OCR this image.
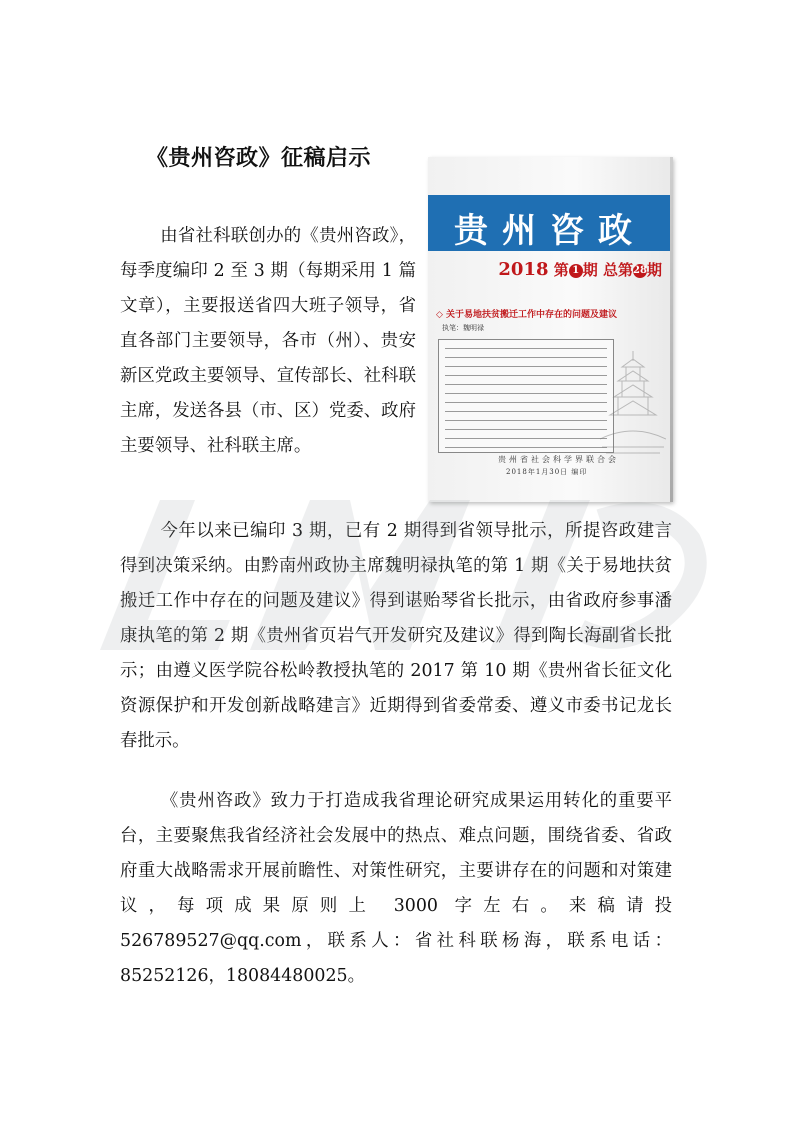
《贵州咨政》征稿启示

由省社科联创办的《贵州咨政》，每季度编印 2 至 3 期（每期采用 1 篇文章），主要报送省四大班子领导，省直各部门主要领导，各市（州）、贵安新区党政主要领导、宣传部长、社科联主席，发送各县（市、区）党委、政府主要领导、社科联主席。

贵州咨政
2018 第 1 期 总第28期
◇ 关于易地扶贫搬迁工作中存在的问题及建议
执笔：魏明禄
贵州省社会科学界联合会
2018年1月30日 编印

今年以来已编印 3 期，已有 2 期得到省领导批示，所提咨政建言得到决策采纳。由黔南州政协主席魏明禄执笔的第 1 期《关于易地扶贫搬迁工作中存在的问题及建议》得到谌贻琴省长批示，由省政府参事潘康执笔的第 2 期《贵州省页岩气开发研究及建议》得到陶长海副省长批示；由遵义医学院谷松岭教授执笔的 2017 第 10 期《贵州省长征文化资源保护和开发创新战略建言》近期得到省委常委、遵义市委书记龙长春批示。

《贵州咨政》致力于打造成我省理论研究成果运用转化的重要平台，主要聚焦我省经济社会发展中的热点、难点问题，围绕省委、省政府重大战略需求开展前瞻性、对策性研究，主要讲存在的问题和对策建议，每项成果原则上 3000 字左右。来稿请投 526789527@qq.com，联系人：省社科联杨海，联系电话：85252126，18084480025。
